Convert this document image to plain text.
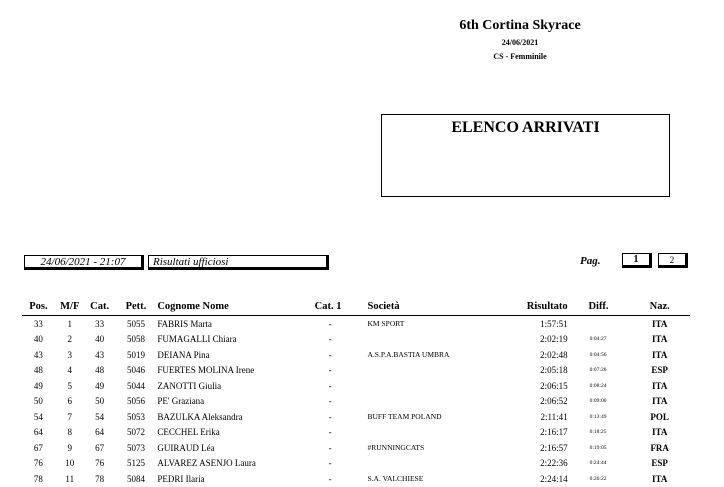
6th Cortina Skyrace
24/06/2021
CS - Femminile
ELENCO ARRIVATI
24/06/2021 - 21:07	Risultati ufficiosi	Pag.	1	2
Pos.	M/F	Cat.	Pett.	Cognome Nome	Cat. 1	Società	Risultato	Diff.	Naz.
33	1	33	5055	FABRIS Marta	-	KM SPORT	1:57:51		ITA
40	2	40	5058	FUMAGALLI Chiara	-		2:02:19	0:04:27	ITA
43	3	43	5019	DEIANA Pina	-	A.S.P.A.BASTIA UMBRA	2:02:48	0:04:56	ITA
48	4	48	5046	FUERTES MOLINA Irene	-		2:05:18	0:07:26	ESP
49	5	49	5044	ZANOTTI Giulia	-		2:06:15	0:08:24	ITA
50	6	50	5056	PE' Graziana	-		2:06:52	0:09:00	ITA
54	7	54	5053	BAZULKA Aleksandra	-	BUFF TEAM POLAND	2:11:41	0:13:49	POL
64	8	64	5072	CECCHEL Erika	-		2:16:17	0:18:25	ITA
67	9	67	5073	GUIRAUD Léa	-	#RUNNINGCATS	2:16:57	0:19:05	FRA
76	10	76	5125	ALVAREZ ASENJO Laura	-		2:22:36	0:24:44	ESP
78	11	78	5084	PEDRI Ilaria	-	S.A. VALCHIESE	2:24:14	0:26:22	ITA
